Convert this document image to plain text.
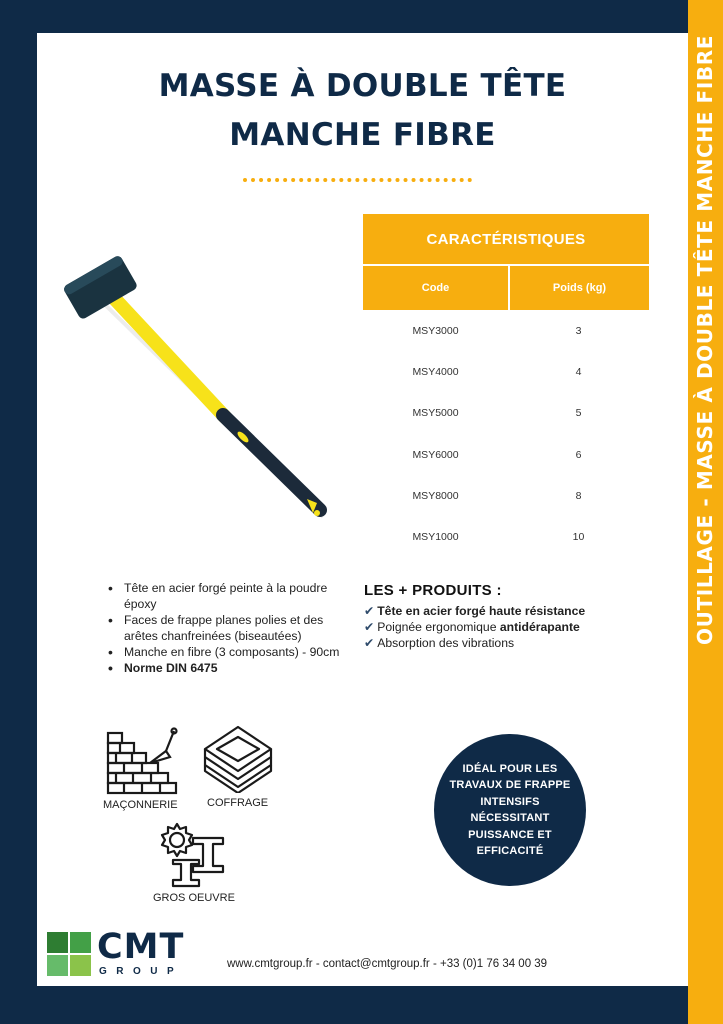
OUTILLAGE - MASSE À DOUBLE TÊTE MANCHE FIBRE
MASSE À DOUBLE TÊTE
MANCHE FIBRE
CARACTÉRISTIQUES
Code	Poids (kg)
MSY3000	3
MSY4000	4
MSY5000	5
MSY6000	6
MSY8000	8
MSY1000	10
• Tête en acier forgé peinte à la poudre époxy
• Faces de frappe planes polies et des arêtes chanfreinées (biseautées)
• Manche en fibre (3 composants) - 90cm
• Norme DIN 6475
LES + PRODUITS :
✔ Tête en acier forgé haute résistance
✔ Poignée ergonomique antidérapante
✔ Absorption des vibrations
MAÇONNERIE	COFFRAGE
GROS OEUVRE
IDÉAL POUR LES TRAVAUX DE FRAPPE INTENSIFS NÉCESSITANT PUISSANCE ET EFFICACITÉ
CMT
GROUP
www.cmtgroup.fr - contact@cmtgroup.fr - +33 (0)1 76 34 00 39
